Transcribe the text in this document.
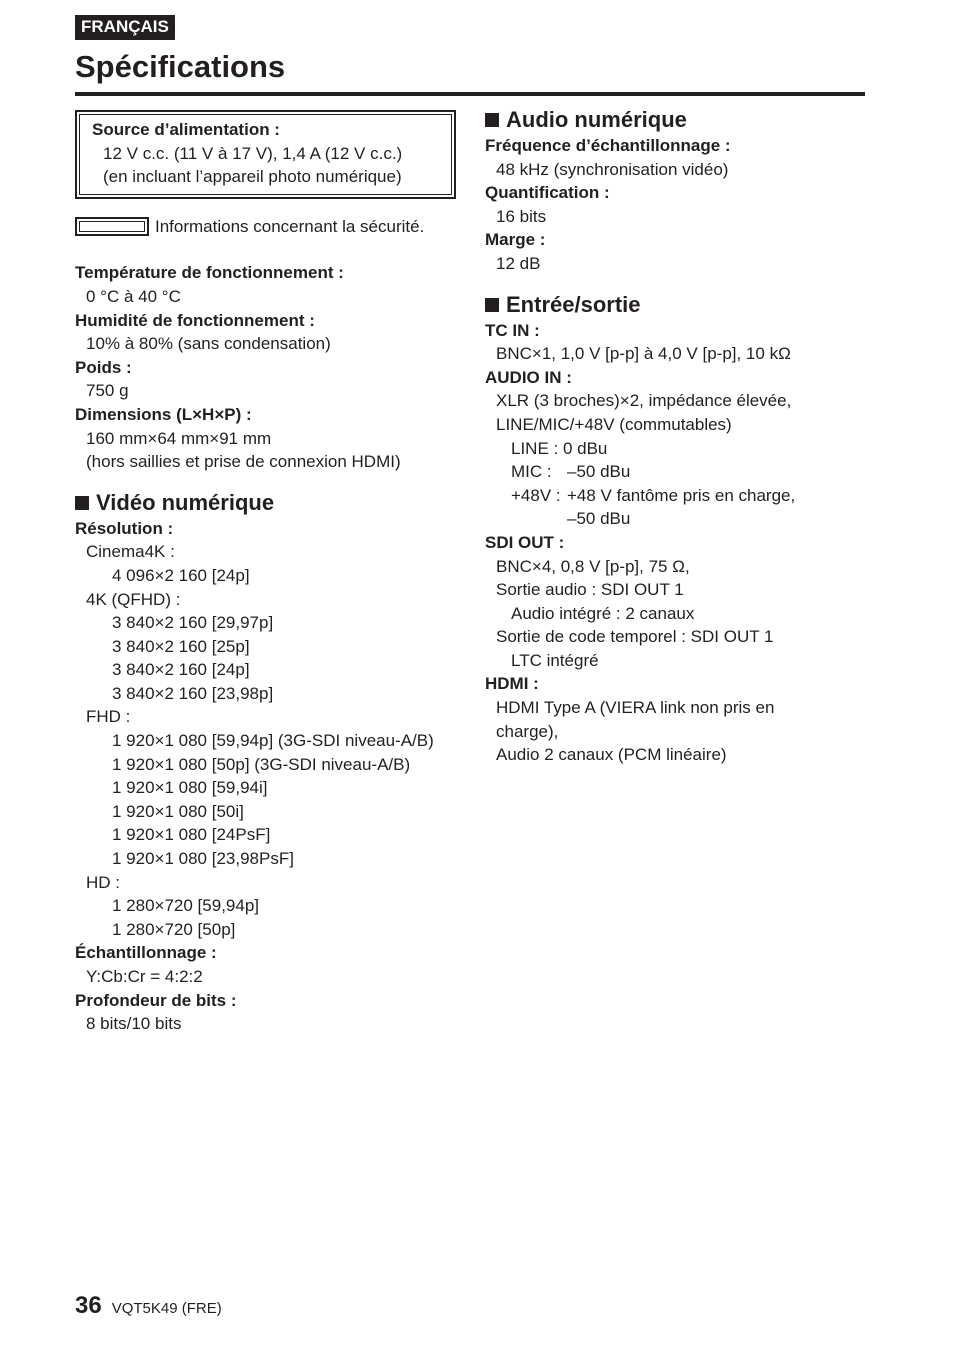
FRANÇAIS
Spécifications
Source d’alimentation :
12 V c.c. (11 V à 17 V), 1,4 A (12 V c.c.)
(en incluant l’appareil photo numérique)
Informations concernant la sécurité.
Température de fonctionnement :
0 °C à 40 °C
Humidité de fonctionnement :
10% à 80% (sans condensation)
Poids :
750 g
Dimensions (L×H×P) :
160 mm×64 mm×91 mm
(hors saillies et prise de connexion HDMI)
Vidéo numérique
Résolution :
Cinema4K :
4 096×2 160 [24p]
4K (QFHD) :
3 840×2 160 [29,97p]
3 840×2 160 [25p]
3 840×2 160 [24p]
3 840×2 160 [23,98p]
FHD :
1 920×1 080 [59,94p] (3G-SDI niveau-A/B)
1 920×1 080 [50p] (3G-SDI niveau-A/B)
1 920×1 080 [59,94i]
1 920×1 080 [50i]
1 920×1 080 [24PsF]
1 920×1 080 [23,98PsF]
HD :
1 280×720 [59,94p]
1 280×720 [50p]
Échantillonnage :
Y:Cb:Cr = 4:2:2
Profondeur de bits :
8 bits/10 bits
Audio numérique
Fréquence d’échantillonnage :
48 kHz (synchronisation vidéo)
Quantification :
16 bits
Marge :
12 dB
Entrée/sortie
TC IN :
BNC×1, 1,0 V [p-p] à 4,0 V [p-p], 10 kΩ
AUDIO IN :
XLR (3 broches)×2, impédance élevée,
LINE/MIC/+48V (commutables)
LINE : 0 dBu
MIC : –50 dBu
+48V : +48 V fantôme pris en charge,
–50 dBu
SDI OUT :
BNC×4, 0,8 V [p-p], 75 Ω,
Sortie audio : SDI OUT 1
Audio intégré : 2 canaux
Sortie de code temporel : SDI OUT 1
LTC intégré
HDMI :
HDMI Type A (VIERA link non pris en
charge),
Audio 2 canaux (PCM linéaire)
36 VQT5K49 (FRE)
